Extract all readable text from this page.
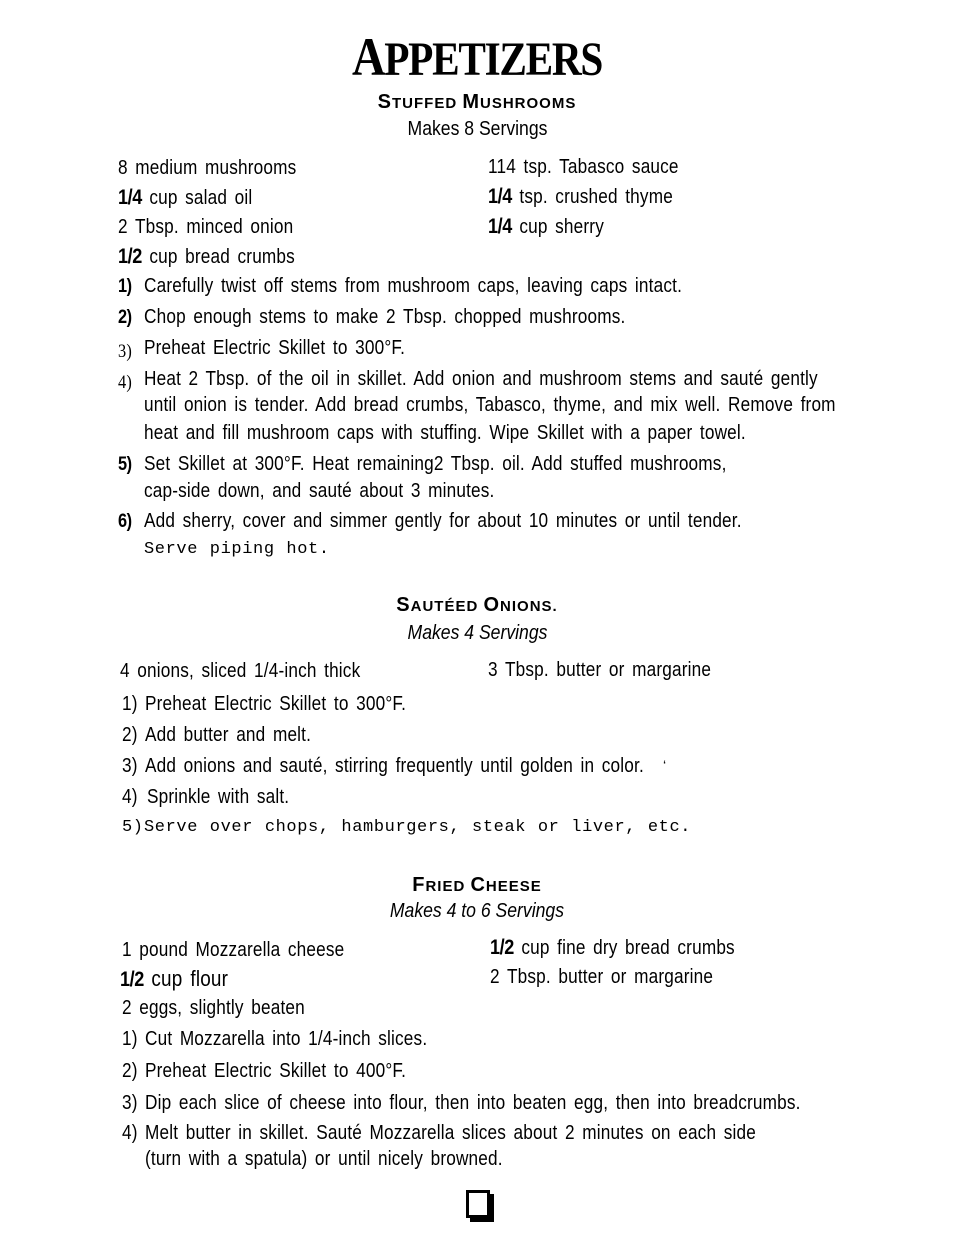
APPETIZERS
STUFFED MUSHROOMS
Makes 8 Servings
8 medium mushrooms
1/4 cup salad oil
2 Tbsp. minced onion
1/2 cup bread crumbs
114 tsp. Tabasco sauce
1/4 tsp. crushed thyme
1/4 cup sherry
1) Carefully twist off stems from mushroom caps, leaving caps intact.
2) Chop enough stems to make 2 Tbsp. chopped mushrooms.
3) Preheat Electric Skillet to 300°F.
4) Heat 2 Tbsp. of the oil in skillet. Add onion and mushroom stems and sauté gently
until onion is tender. Add bread crumbs, Tabasco, thyme, and mix well. Remove from
heat and fill mushroom caps with stuffing. Wipe Skillet with a paper towel.
5) Set Skillet at 300°F. Heat remaining2 Tbsp. oil. Add stuffed mushrooms,
cap-side down, and sauté about 3 minutes.
6) Add sherry, cover and simmer gently for about 10 minutes or until tender.
Serve piping hot.
SAUTÉED ONIONS.
Makes 4 Servings
4 onions, sliced 1/4-inch thick	3 Tbsp. butter or margarine
1) Preheat Electric Skillet to 300°F.
2) Add butter and melt.
3) Add onions and sauté, stirring frequently until golden in color. ‘
4) Sprinkle with salt.
5) Serve over chops, hamburgers, steak or liver, etc.
FRIED CHEESE
Makes 4 to 6 Servings
1 pound Mozzarella cheese
1/2 cup flour
2 eggs, slightly beaten
1/2 cup fine dry bread crumbs
2 Tbsp. butter or margarine
1) Cut Mozzarella into 1/4-inch slices.
2) Preheat Electric Skillet to 400°F.
3) Dip each slice of cheese into flour, then into beaten egg, then into breadcrumbs.
4) Melt butter in skillet. Sauté Mozzarella slices about 2 minutes on each side
(turn with a spatula) or until nicely browned.
